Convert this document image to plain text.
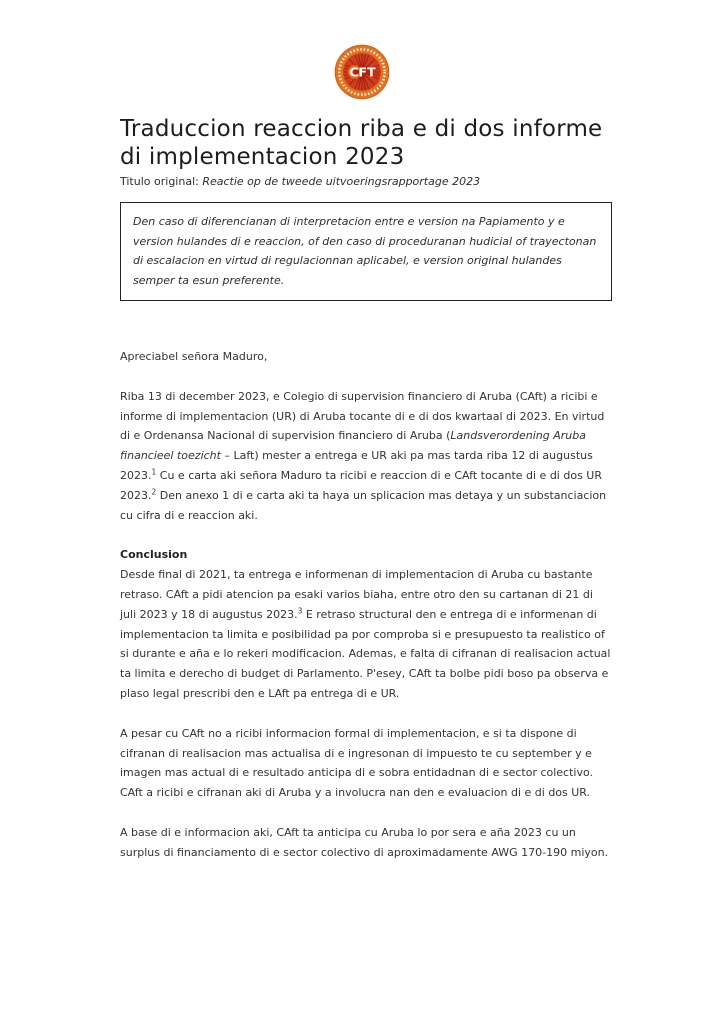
CFT
Traduccion reaccion riba e di dos informe di implementacion 2023
Titulo original: Reactie op de tweede uitvoeringsrapportage 2023
Den caso di diferencianan di interpretacion entre e version na Papiamento y e version hulandes di e reaccion, of den caso di proceduranan hudicial of trayectonan di escalacion en virtud di regulacionnan aplicabel, e version original hulandes semper ta esun preferente.

Apreciabel señora Maduro,

Riba 13 di december 2023, e Colegio di supervision financiero di Aruba (CAft) a ricibi e informe di implementacion (UR) di Aruba tocante di e di dos kwartaal di 2023. En virtud di e Ordenansa Nacional di supervision financiero di Aruba (Landsverordening Aruba financieel toezicht – Laft) mester a entrega e UR aki pa mas tarda riba 12 di augustus 2023.$^1$ Cu e carta aki señora Maduro ta ricibi e reaccion di e CAft tocante di e di dos UR 2023.$^2$ Den anexo 1 di e carta aki ta haya un splicacion mas detaya y un substanciacion cu cifra di e reaccion aki.

Conclusion

Desde final di 2021, ta entrega e informenan di implementacion di Aruba cu bastante retraso. CAft a pidi atencion pa esaki varios biaha, entre otro den su cartanan di 21 di juli 2023 y 18 di augustus 2023.$^3$ E retraso structural den e entrega di e informenan di implementacion ta limita e posibilidad pa por comproba si e presupuesto ta realistico of si durante e aña e lo rekeri modificacion. Ademas, e falta di cifranan di realisacion actual ta limita e derecho di budget di Parlamento. P'esey, CAft ta bolbe pidi boso pa observa e plaso legal prescribi den e LAft pa entrega di e UR.

A pesar cu CAft no a ricibi informacion formal di implementacion, e si ta dispone di cifranan di realisacion mas actualisa di e ingresonan di impuesto te cu september y e imagen mas actual di e resultado anticipa di e sobra entidadnan di e sector colectivo. CAft a ricibi e cifranan aki di Aruba y a involucra nan den e evaluacion di e di dos UR.

A base di e informacion aki, CAft ta anticipa cu Aruba lo por sera e aña 2023 cu un surplus di financiamento di e sector colectivo di aproximadamente AWG 170-190 miyon.
